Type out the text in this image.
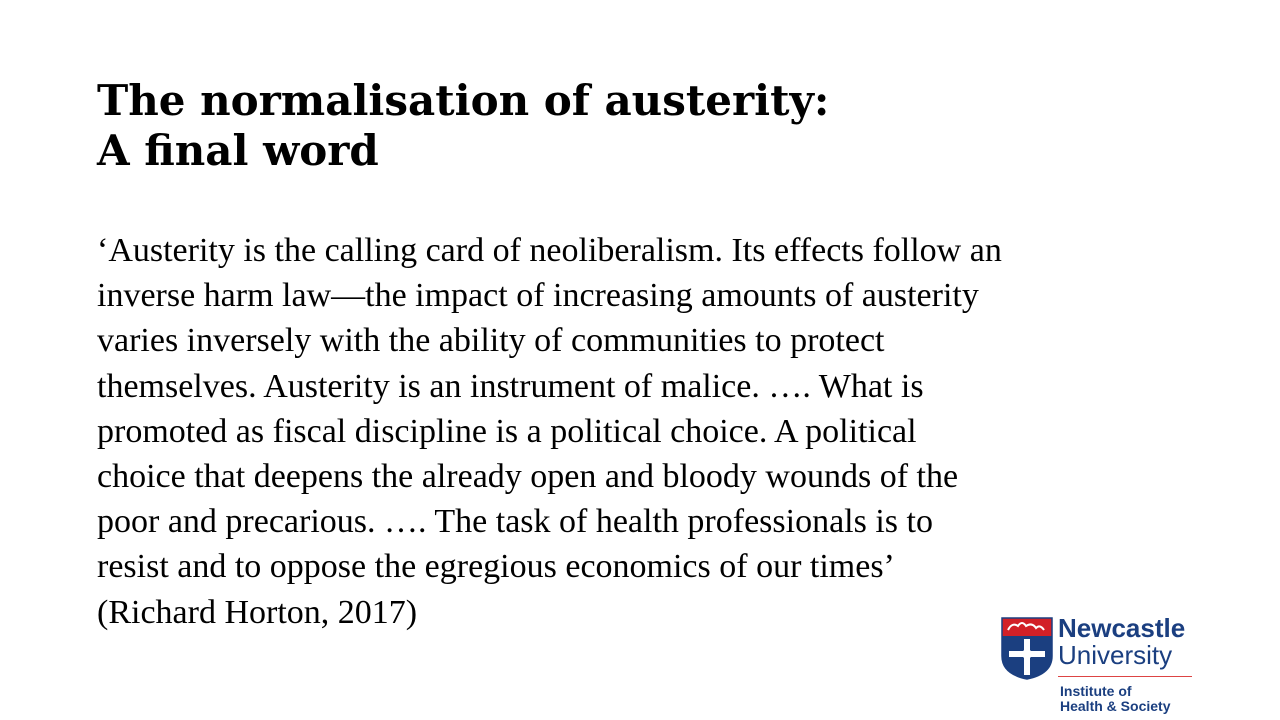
The normalisation of austerity:
A final word
‘Austerity is the calling card of neoliberalism. Its effects follow an
inverse harm law—the impact of increasing amounts of austerity
varies inversely with the ability of communities to protect
themselves. Austerity is an instrument of malice. …. What is
promoted as fiscal discipline is a political choice. A political
choice that deepens the already open and bloody wounds of the
poor and precarious. …. The task of health professionals is to
resist and to oppose the egregious economics of our times’
(Richard Horton, 2017)	Newcastle
University
Institute of
Health & Society
